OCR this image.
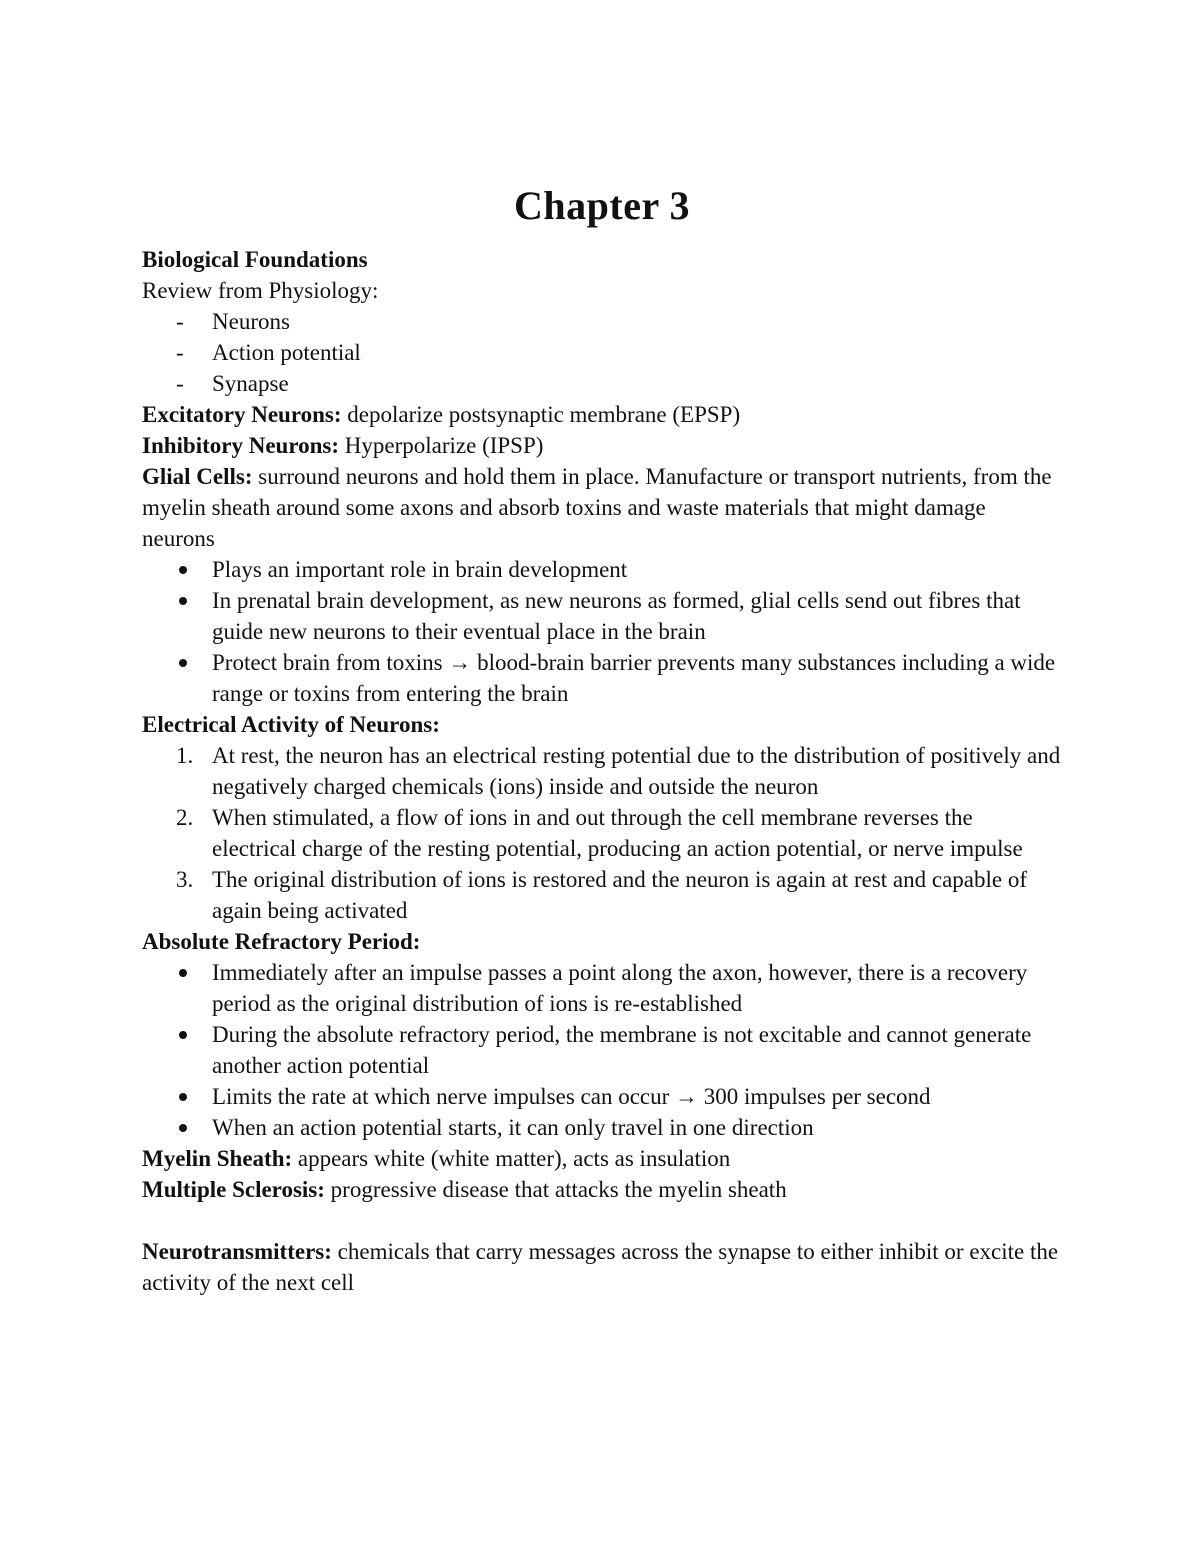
Chapter 3

Biological Foundations

Review from Physiology:

- Neurons
- Action potential
- Synapse

Excitatory Neurons: depolarize postsynaptic membrane (EPSP)

Inhibitory Neurons: Hyperpolarize (IPSP)

Glial Cells: surround neurons and hold them in place. Manufacture or transport nutrients, from the myelin sheath around some axons and absorb toxins and waste materials that might damage neurons

Plays an important role in brain development
In prenatal brain development, as new neurons as formed, glial cells send out fibres that guide new neurons to their eventual place in the brain
Protect brain from toxins → blood-brain barrier prevents many substances including a wide range or toxins from entering the brain

Electrical Activity of Neurons:

1. At rest, the neuron has an electrical resting potential due to the distribution of positively and negatively charged chemicals (ions) inside and outside the neuron
2. When stimulated, a flow of ions in and out through the cell membrane reverses the electrical charge of the resting potential, producing an action potential, or nerve impulse
3. The original distribution of ions is restored and the neuron is again at rest and capable of again being activated

Absolute Refractory Period:

Immediately after an impulse passes a point along the axon, however, there is a recovery period as the original distribution of ions is re-established
During the absolute refractory period, the membrane is not excitable and cannot generate another action potential
Limits the rate at which nerve impulses can occur → 300 impulses per second
When an action potential starts, it can only travel in one direction

Myelin Sheath: appears white (white matter), acts as insulation

Multiple Sclerosis: progressive disease that attacks the myelin sheath

Neurotransmitters: chemicals that carry messages across the synapse to either inhibit or excite the activity of the next cell
